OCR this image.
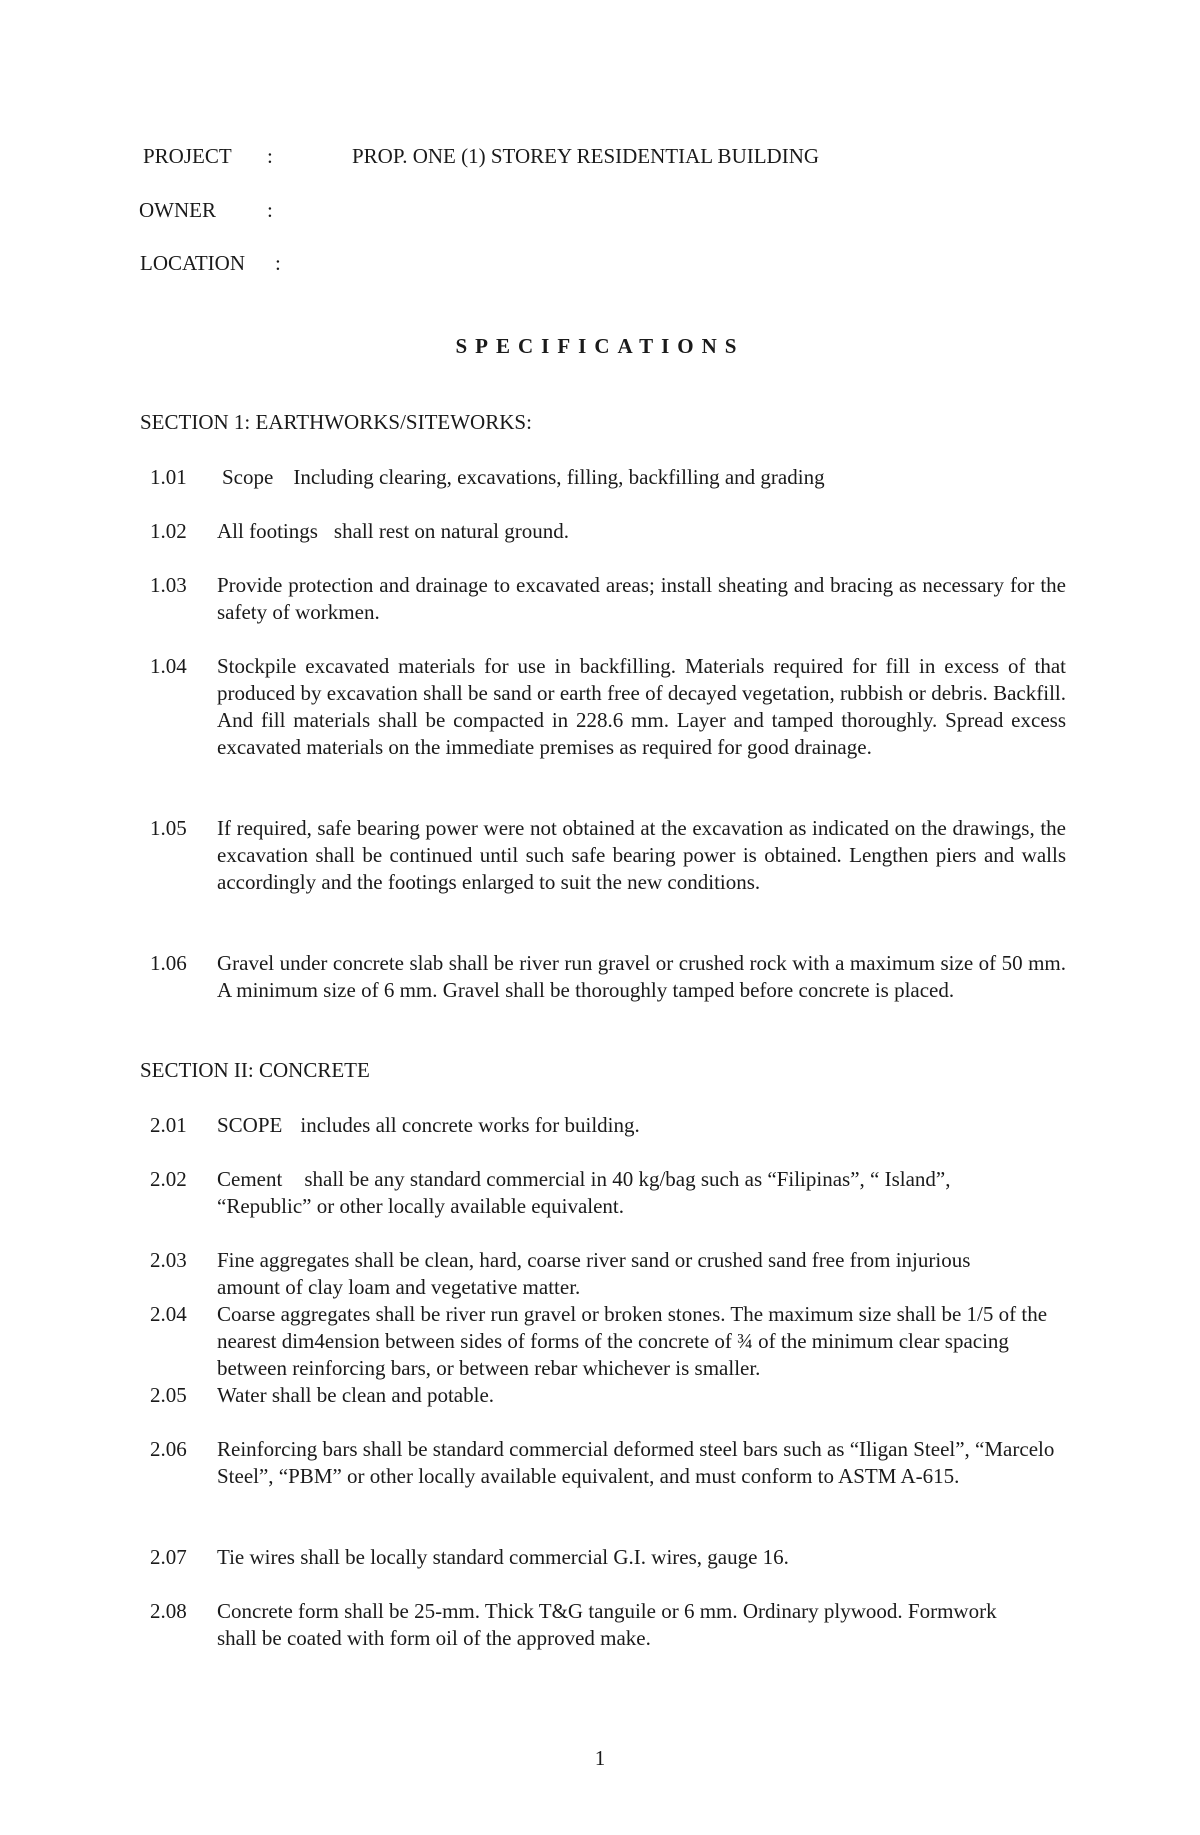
PROJECT :	PROP. ONE (1) STOREY RESIDENTIAL BUILDING
OWNER :
LOCATION :
SPECIFICATIONS
SECTION 1: EARTHWORKS/SITEWORKS:
1.01	Scope Including clearing, excavations, filling, backfilling and grading
1.02	All footings shall rest on natural ground.
1.03	Provide protection and drainage to excavated areas; install sheating and bracing as necessary for the safety of workmen.
1.04	Stockpile excavated materials for use in backfilling. Materials required for fill in excess of that produced by excavation shall be sand or earth free of decayed vegetation, rubbish or debris. Backfill. And fill materials shall be compacted in 228.6 mm. Layer and tamped thoroughly. Spread excess excavated materials on the immediate premises as required for good drainage.
1.05	If required, safe bearing power were not obtained at the excavation as indicated on the drawings, the excavation shall be continued until such safe bearing power is obtained. Lengthen piers and walls accordingly and the footings enlarged to suit the new conditions.
1.06	Gravel under concrete slab shall be river run gravel or crushed rock with a maximum size of 50 mm. A minimum size of 6 mm. Gravel shall be thoroughly tamped before concrete is placed.
SECTION II: CONCRETE
2.01	SCOPE includes all concrete works for building.
2.02	Cement shall be any standard commercial in 40 kg/bag such as “Filipinas”, “ Island”, “Republic” or other locally available equivalent.
2.03	Fine aggregates shall be clean, hard, coarse river sand or crushed sand free from injurious amount of clay loam and vegetative matter.
2.04	Coarse aggregates shall be river run gravel or broken stones. The maximum size shall be 1/5 of the nearest dim4ension between sides of forms of the concrete of ¾ of the minimum clear spacing between reinforcing bars, or between rebar whichever is smaller.
2.05	Water shall be clean and potable.
2.06	Reinforcing bars shall be standard commercial deformed steel bars such as “Iligan Steel”, “Marcelo Steel”, “PBM” or other locally available equivalent, and must conform to ASTM A-615.
2.07	Tie wires shall be locally standard commercial G.I. wires, gauge 16.
2.08	Concrete form shall be 25-mm. Thick T&G tanguile or 6 mm. Ordinary plywood. Formwork shall be coated with form oil of the approved make.
1
